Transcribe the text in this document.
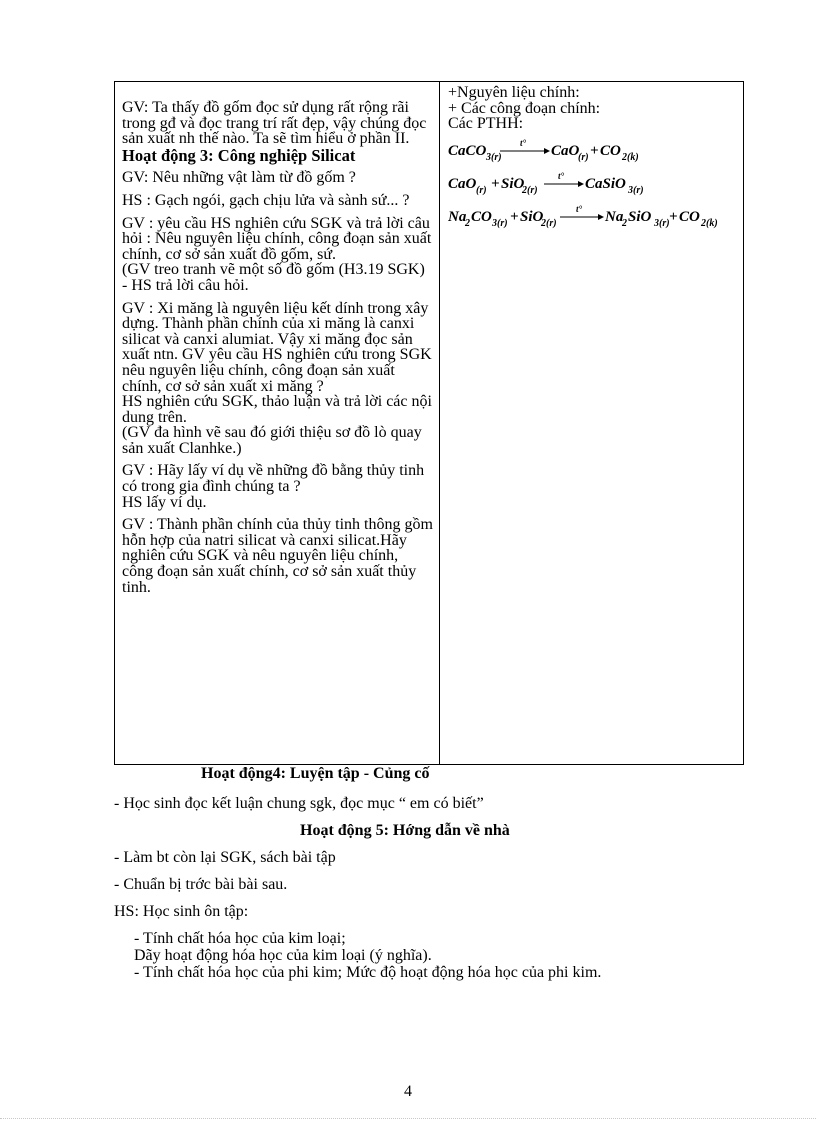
GV: Ta thấy đồ gốm đọc sử dụng rất rộng rãi trong gđ và đọc trang trí rất đẹp, vậy chúng đọc sản xuất nh thế nào. Ta sẽ tìm hiểu ở phần II.

Hoạt động 3: Công nghiệp Silicat

GV: Nêu những vật làm từ đồ gốm ?

HS : Gạch ngói, gạch chịu lửa và sành sứ... ?

GV : yêu cầu HS nghiên cứu SGK và trả lời câu hỏi : Nêu nguyên liệu chính, công đoạn sản xuất chính, cơ sở sản xuất đồ gốm, sứ.

(GV treo tranh vẽ một số đồ gốm (H3.19 SGK)

- HS trả lời câu hỏi.

GV : Xi măng là nguyên liệu kết dính trong xây dựng. Thành phần chính của xi măng là canxi silicat và canxi alumiat. Vậy xi măng đọc sản xuất ntn. GV yêu cầu HS nghiên cứu trong SGK nêu nguyên liệu chính, công đoạn sản xuất chính, cơ sở sản xuất xi măng ?

HS nghiên cứu SGK, thảo luận và trả lời các nội dung trên.

(GV đa hình vẽ sau đó giới thiệu sơ đồ lò quay sản xuất Clanhke.)

GV : Hãy lấy ví dụ về những đồ bằng thủy tinh có trong gia đình chúng ta ?

HS lấy ví dụ.

GV : Thành phần chính của thủy tinh thông gồm hỗn hợp của natri silicat và canxi silicat.Hãy nghiên cứu SGK và nêu nguyên liệu chính, công đoạn sản xuất chính, cơ sở sản xuất thủy tinh.

+Nguyên liệu chính:

+ Các công đoạn chính:

Các PTHH:

CaCO 3(r)
t° CaO
(r) + CO 2(k)
CaO (r) + SiO
2(r)
t° CaSiO 3(r)
Na
2 CO 3(r) + SiO
2(r)
t° Na
2 SiO 3(r) + CO 2(k)

Hoạt động4: Luyện tập - Củng cố

- Học sinh đọc kết luận chung sgk, đọc mục “ em có biết”

Hoạt động 5: Hớng dẫn về nhà

- Làm bt còn lại SGK, sách bài tập

- Chuẩn bị trớc bài bài sau.

HS: Học sinh ôn tập:

- Tính chất hóa học của kim loại;

Dãy hoạt động hóa học của kim loại (ý nghĩa).

- Tính chất hóa học của phi kim; Mức độ hoạt động hóa học của phi kim.

4
